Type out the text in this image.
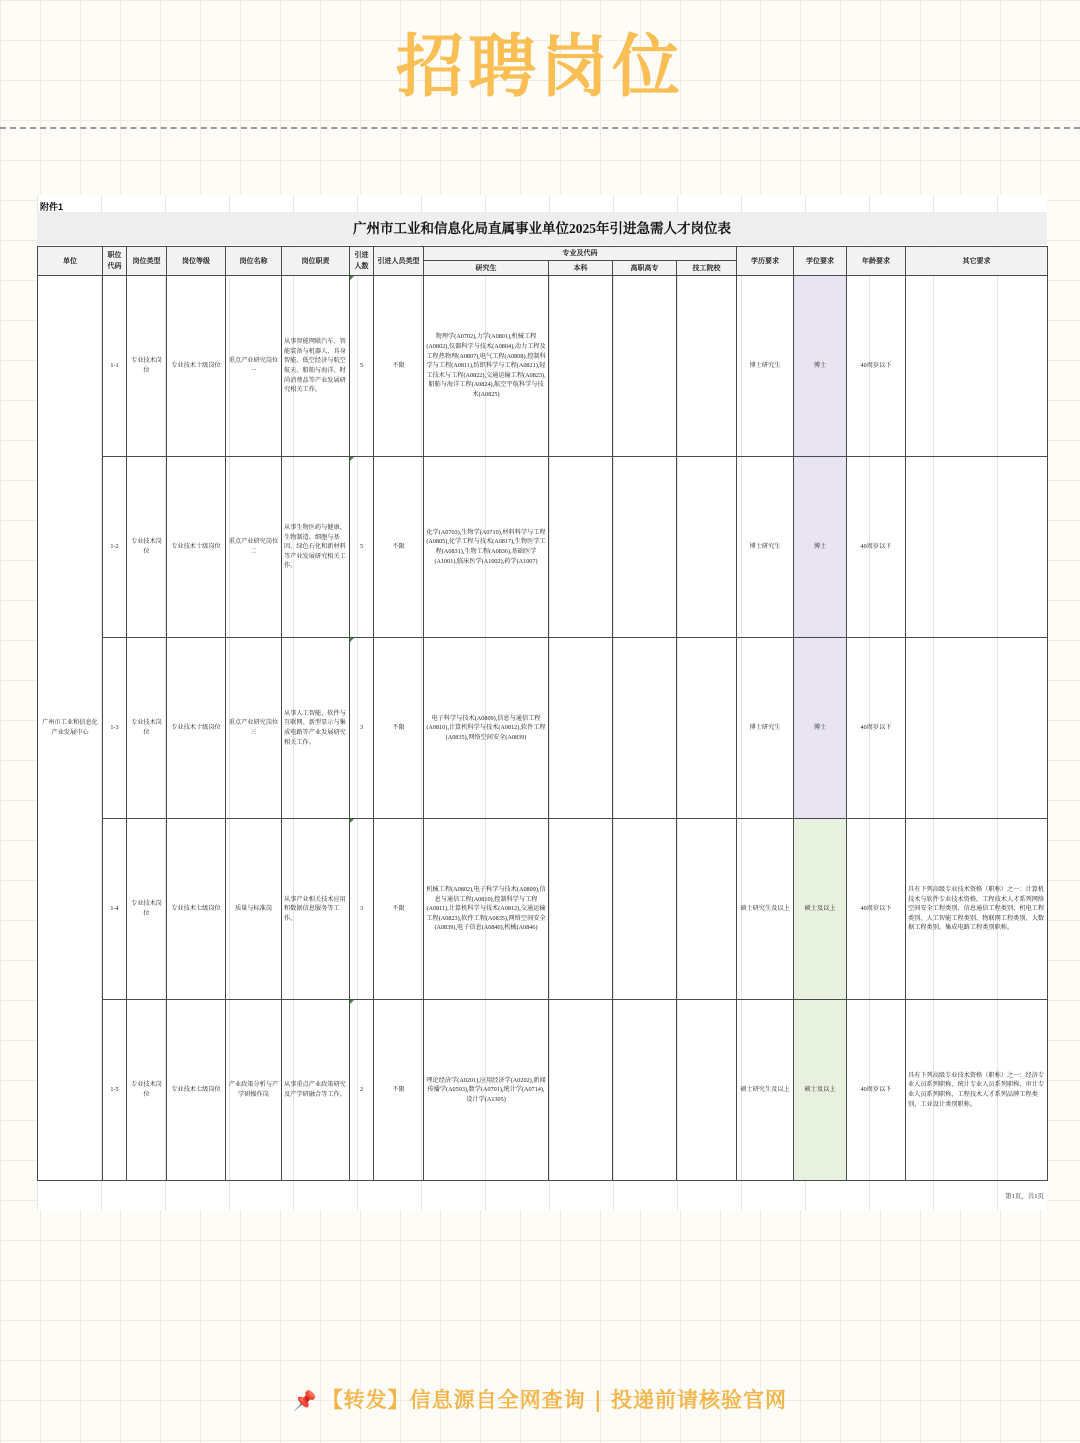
招聘岗位
附件1
广州市工业和信息化局直属事业单位2025年引进急需人才岗位表
单位	职位代码	岗位类型	岗位等级	岗位名称	岗位职责	引进人数	引进人员类型	专业及代码				学历要求	学位要求	年龄要求	其它要求
								研究生	本科	高职高专	技工院校				
广州市工业和信息化产业发展中心	1-1	专业技术岗位	专业技术十级岗位	重点产业研究岗位一	从事智能网联汽车、智能装备与机器人、具身智能、低空经济与航空航天、船舶与海洋、时尚消费品等产业发展研究相关工作。	5	不限	物理学(A0702),力学(A0801),机械工程(A0802),仪器科学与技术(A0804),动力工程及工程热物理(A0807),电气工程(A0808),控制科学与工程(A0811),纺织科学与工程(A0821),轻工技术与工程(A0822),交通运输工程(A0823),船舶与海洋工程(A0824),航空宇航科学与技术(A0825)				博士研究生	博士	40周岁以下	
	1-2	专业技术岗位	专业技术十级岗位	重点产业研究岗位二	从事生物医药与健康、生物制造、细胞与基因、绿色石化和新材料等产业发展研究相关工作。	5	不限	化学(A0703),生物学(A0710),材料科学与工程(A0805),化学工程与技术(A0817),生物医学工程(A0831),生物工程(A0836),基础医学(A1001),临床医学(A1002),药学(A1007)				博士研究生	博士	40周岁以下	
	1-3	专业技术岗位	专业技术十级岗位	重点产业研究岗位三	从事人工智能、软件与互联网、新型显示与集成电路等产业发展研究相关工作。	3	不限	电子科学与技术(A0809),信息与通信工程(A0810),计算机科学与技术(A0812),软件工程(A0835),网络空间安全(A0839)				博士研究生	博士	40周岁以下	
	1-4	专业技术岗位	专业技术七级岗位	质量与标准岗	从事产业相关技术应用和数据信息服务等工作。	3	不限	机械工程(A0802),电子科学与技术(A0809),信息与通信工程(A0810),控制科学与工程(A0811),计算机科学与技术(A0812),交通运输工程(A0823),软件工程(A0835),网络空间安全(A0839),电子信息(A0840),机械(A0846)				硕士研究生及以上	硕士及以上	40周岁以下	具有下列高级专业技术资格（职称）之一：计算机技术与软件专业技术资格，工程技术人才系列网络空间安全工程类别、信息通信工程类别、机电工程类别、人工智能工程类别、物联网工程类别、大数据工程类别、集成电路工程类别职称。
	1-5	专业技术岗位	专业技术七级岗位	产业政策分析与产学研操作岗	从事重点产业政策研究及产学研融合等工作。	2	不限	理论经济学(A0201),应用经济学(A0202),新闻传播学(A0503),数学(A0701),统计学(A0714),设计学(A1305)				硕士研究生及以上	硕士及以上	40周岁以下	具有下列高级专业技术资格（职称）之一：经济专业人员系列职称、统计专业人员系列职称、审计专业人员系列职称、工程技术人才系列品牌工程类别、工业设计类别职称。
第1页，共1页
📌 【转发】信息源自全网查询 | 投递前请核验官网
